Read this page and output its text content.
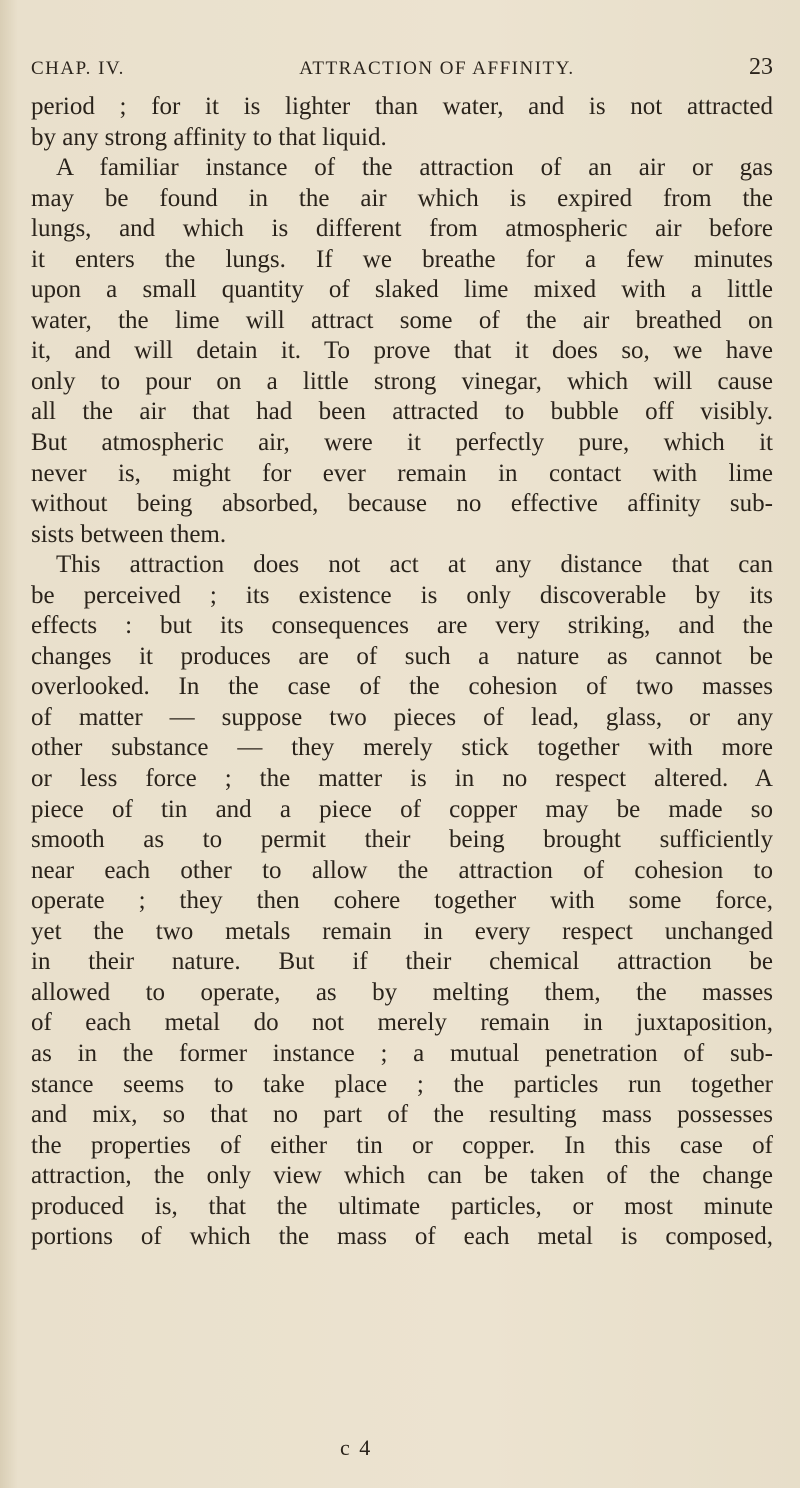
CHAP. IV.	ATTRACTION OF AFFINITY.	23
period ; for it is lighter than water, and is not attracted
by any strong affinity to that liquid.
A familiar instance of the attraction of an air or gas
may be found in the air which is expired from the
lungs, and which is different from atmospheric air before
it enters the lungs. If we breathe for a few minutes
upon a small quantity of slaked lime mixed with a little
water, the lime will attract some of the air breathed on
it, and will detain it. To prove that it does so, we have
only to pour on a little strong vinegar, which will cause
all the air that had been attracted to bubble off visibly.
But atmospheric air, were it perfectly pure, which it
never is, might for ever remain in contact with lime
without being absorbed, because no effective affinity sub-
sists between them.
This attraction does not act at any distance that can
be perceived ; its existence is only discoverable by its
effects : but its consequences are very striking, and the
changes it produces are of such a nature as cannot be
overlooked. In the case of the cohesion of two masses
of matter — suppose two pieces of lead, glass, or any
other substance — they merely stick together with more
or less force ; the matter is in no respect altered. A
piece of tin and a piece of copper may be made so
smooth as to permit their being brought sufficiently
near each other to allow the attraction of cohesion to
operate ; they then cohere together with some force,
yet the two metals remain in every respect unchanged
in their nature. But if their chemical attraction be
allowed to operate, as by melting them, the masses
of each metal do not merely remain in juxtaposition,
as in the former instance ; a mutual penetration of sub-
stance seems to take place ; the particles run together
and mix, so that no part of the resulting mass possesses
the properties of either tin or copper. In this case of
attraction, the only view which can be taken of the change
produced is, that the ultimate particles, or most minute
portions of which the mass of each metal is composed,
c 4
